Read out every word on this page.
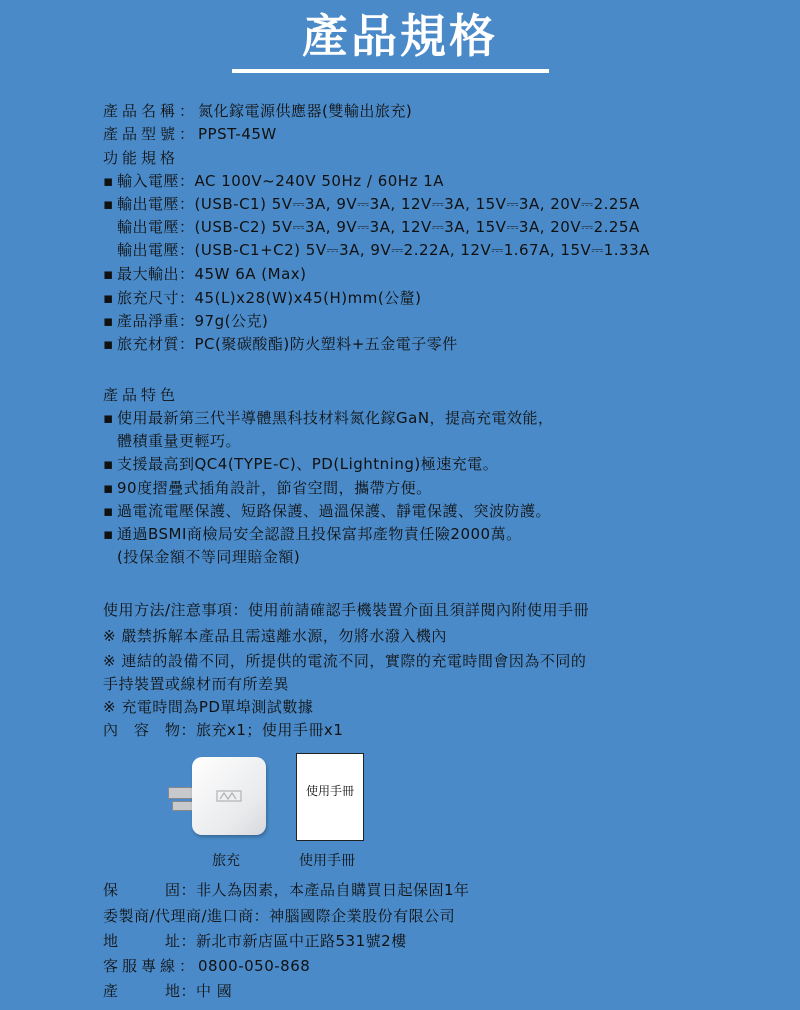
產品規格
產品名稱：氮化鎵電源供應器(雙輸出旅充)
產品型號：PPST-45W
功能規格
▪ 輸入電壓：AC 100V~240V 50Hz / 60Hz 1A
▪ 輸出電壓：(USB-C1) 5V⎓3A, 9V⎓3A, 12V⎓3A, 15V⎓3A, 20V⎓2.25A
輸出電壓：(USB-C2) 5V⎓3A, 9V⎓3A, 12V⎓3A, 15V⎓3A, 20V⎓2.25A
輸出電壓：(USB-C1+C2) 5V⎓3A, 9V⎓2.22A, 12V⎓1.67A, 15V⎓1.33A
▪ 最大輸出：45W 6A (Max)
▪ 旅充尺寸：45(L)x28(W)x45(H)mm(公釐)
▪ 產品淨重：97g(公克)
▪ 旅充材質：PC(聚碳酸酯)防火塑料+五金電子零件
產品特色
▪ 使用最新第三代半導體黑科技材料氮化鎵GaN，提高充電效能，
體積重量更輕巧。
▪ 支援最高到QC4(TYPE-C)、PD(Lightning)極速充電。
▪ 90度摺疊式插角設計，節省空間，攜帶方便。
▪ 過電流電壓保護、短路保護、過溫保護、靜電保護、突波防護。
▪ 通過BSMI商檢局安全認證且投保富邦產物責任險2000萬。
(投保金額不等同理賠金額)
使用方法/注意事項：使用前請確認手機裝置介面且須詳閱內附使用手冊
※ 嚴禁拆解本產品且需遠離水源，勿將水潑入機內
※ 連結的設備不同，所提供的電流不同，實際的充電時間會因為不同的
手持裝置或線材而有所差異
※ 充電時間為PD單埠測試數據
內　容　物：旅充x1；使用手冊x1
使用手冊
旅充	使用手冊
保　　　固：非人為因素，本產品自購買日起保固1年
委製商/代理商/進口商：神腦國際企業股份有限公司
地　　　址：新北市新店區中正路531號2樓
客服專線：0800-050-868
產　　　地：中 國
